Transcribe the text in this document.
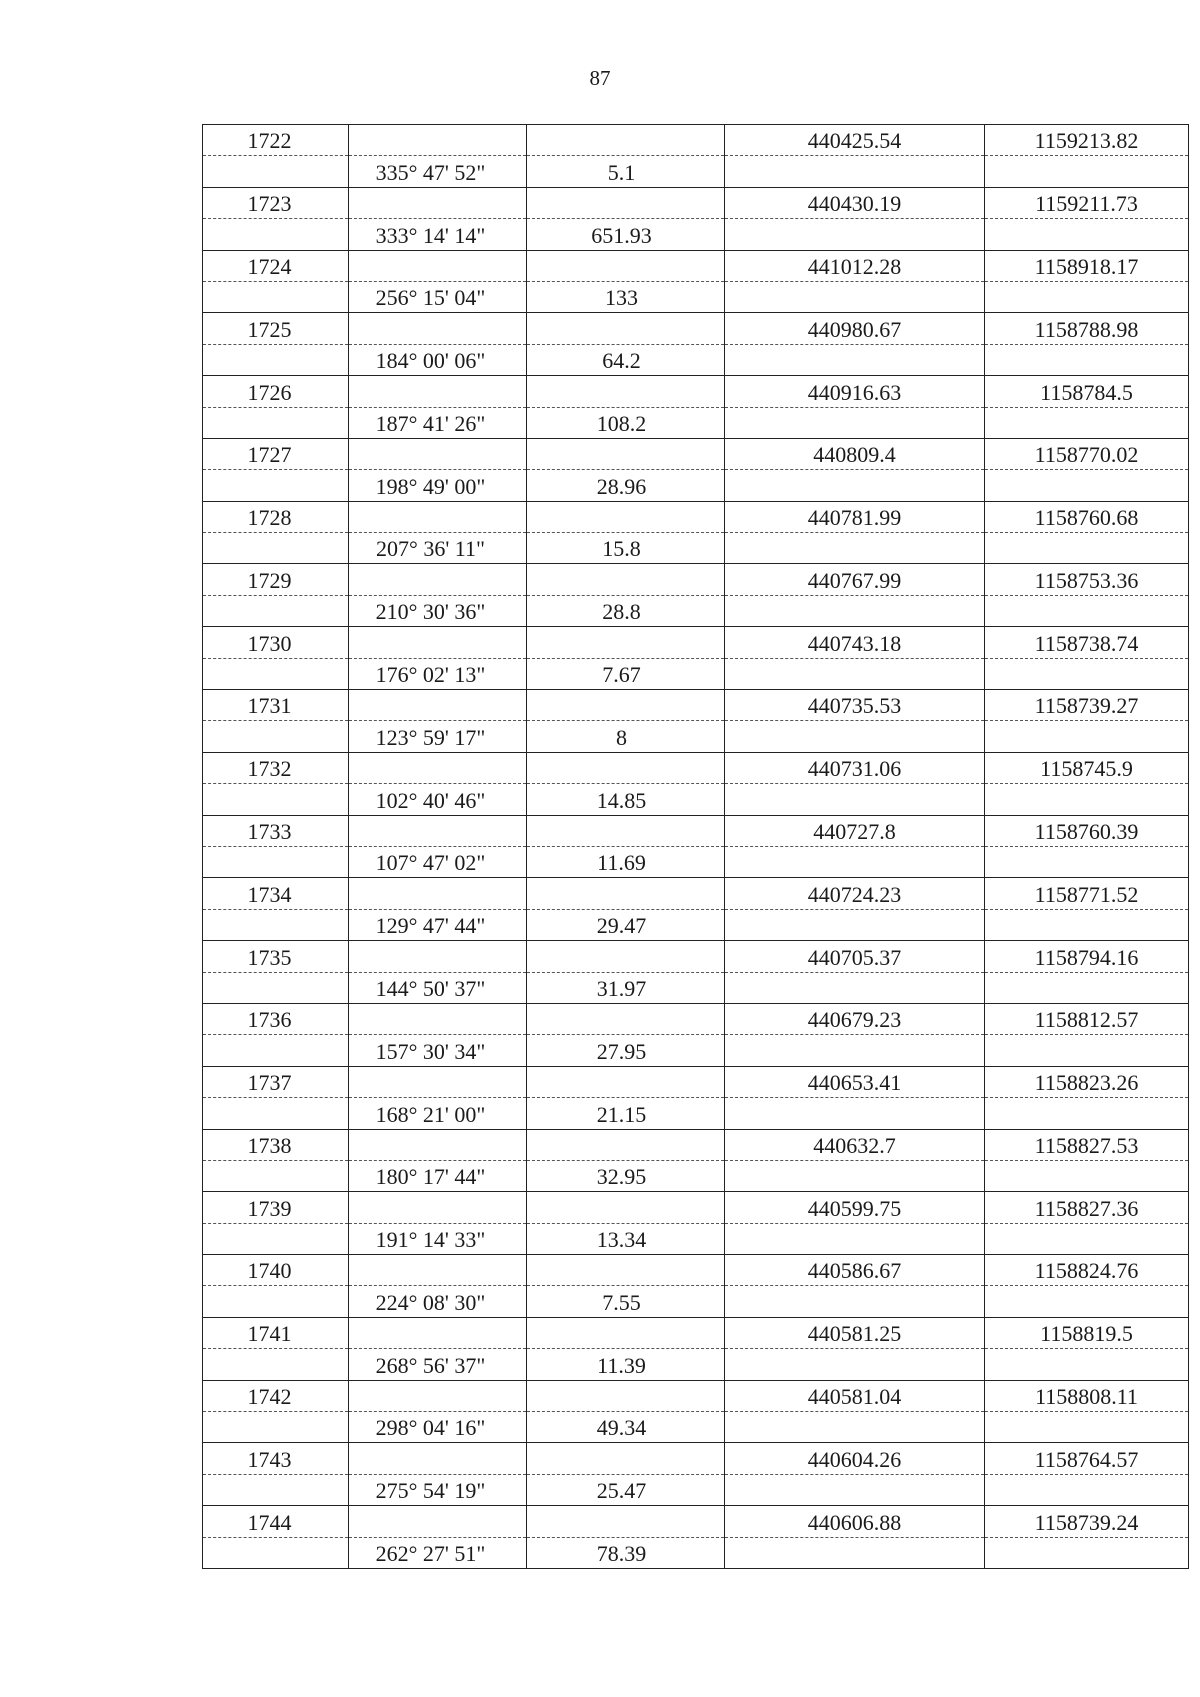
87
1722			440425.54	1159213.82
	335° 47' 52"	5.1		
1723			440430.19	1159211.73
	333° 14' 14"	651.93		
1724			441012.28	1158918.17
	256° 15' 04"	133		
1725			440980.67	1158788.98
	184° 00' 06"	64.2		
1726			440916.63	1158784.5
	187° 41' 26"	108.2		
1727			440809.4	1158770.02
	198° 49' 00"	28.96		
1728			440781.99	1158760.68
	207° 36' 11"	15.8		
1729			440767.99	1158753.36
	210° 30' 36"	28.8		
1730			440743.18	1158738.74
	176° 02' 13"	7.67		
1731			440735.53	1158739.27
	123° 59' 17"	8		
1732			440731.06	1158745.9
	102° 40' 46"	14.85		
1733			440727.8	1158760.39
	107° 47' 02"	11.69		
1734			440724.23	1158771.52
	129° 47' 44"	29.47		
1735			440705.37	1158794.16
	144° 50' 37"	31.97		
1736			440679.23	1158812.57
	157° 30' 34"	27.95		
1737			440653.41	1158823.26
	168° 21' 00"	21.15		
1738			440632.7	1158827.53
	180° 17' 44"	32.95		
1739			440599.75	1158827.36
	191° 14' 33"	13.34		
1740			440586.67	1158824.76
	224° 08' 30"	7.55		
1741			440581.25	1158819.5
	268° 56' 37"	11.39		
1742			440581.04	1158808.11
	298° 04' 16"	49.34		
1743			440604.26	1158764.57
	275° 54' 19"	25.47		
1744			440606.88	1158739.24
	262° 27' 51"	78.39		
